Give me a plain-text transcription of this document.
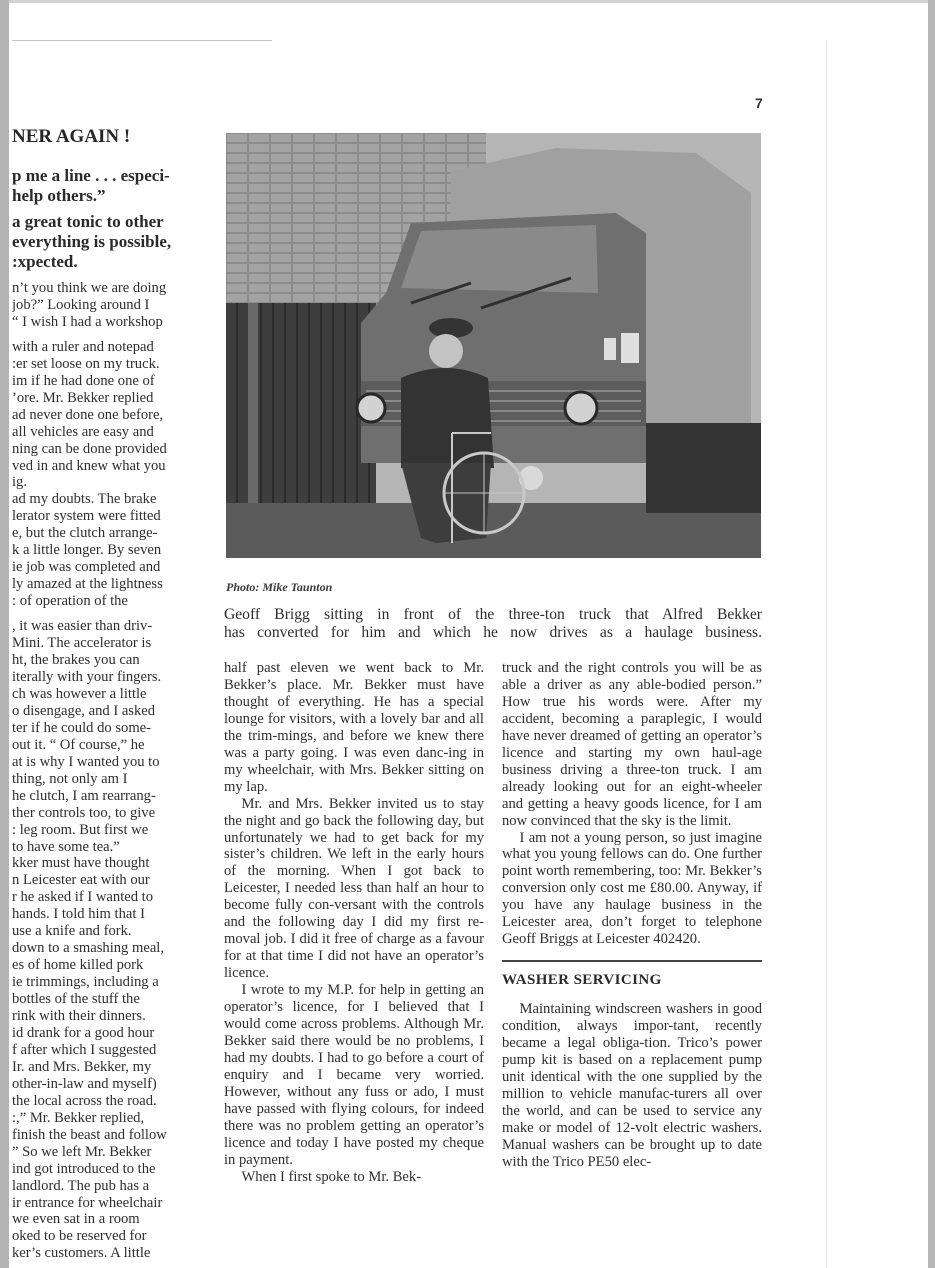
7
NER AGAIN !
p me a line . . . especi-
help others.”
a great tonic to other
everything is possible,
:xpected.
n’t you think we are doing
job?” Looking around I
“ I wish I had a workshop
with a ruler and notepad
:er set loose on my truck.
im if he had done one of
’ore. Mr. Bekker replied
ad never done one before,
all vehicles are easy and
ning can be done provided
ved in and knew what you
ig.
ad my doubts. The brake
lerator system were fitted
e, but the clutch arrange-
k a little longer. By seven
ie job was completed and
ly amazed at the lightness
: of operation of the
, it was easier than driv-
Mini. The accelerator is
ht, the brakes you can
iterally with your fingers.
ch was however a little
o disengage, and I asked
ter if he could do some-
out it. “ Of course,” he
at is why I wanted you to
thing, not only am I
he clutch, I am rearrang-
ther controls too, to give
: leg room. But first we
to have some tea.”
kker must have thought
n Leicester eat with our
r he asked if I wanted to
hands. I told him that I
use a knife and fork.
down to a smashing meal,
es of home killed pork
ie trimmings, including a
bottles of the stuff the
rink with their dinners.
id drank for a good hour
f after which I suggested
Ir. and Mrs. Bekker, my
other-in-law and myself)
the local across the road.
:,” Mr. Bekker replied,
finish the beast and follow
” So we left Mr. Bekker
ind got introduced to the
landlord. The pub has a
ir entrance for wheelchair
we even sat in a room
oked to be reserved for
ker’s customers. A little
Photo: Mike Taunton
Geoff Brigg sitting in front of the three-ton truck that Alfred Bekker
has converted for him and which he now drives as a haulage business.

half past eleven we went back to Mr. Bekker’s place. Mr. Bekker must have thought of everything. He has a special lounge for visitors, with a lovely bar and all the trim-mings, and before we knew there was a party going. I was even danc-ing in my wheelchair, with Mrs. Bekker sitting on my lap.

Mr. and Mrs. Bekker invited us to stay the night and go back the following day, but unfortunately we had to get back for my sister’s children. We left in the early hours of the morning. When I got back to Leicester, I needed less than half an hour to become fully con-versant with the controls and the following day I did my first re-moval job. I did it free of charge as a favour for at that time I did not have an operator’s licence.

I wrote to my M.P. for help in getting an operator’s licence, for I believed that I would come across problems. Although Mr. Bekker said there would be no problems, I had my doubts. I had to go before a court of enquiry and I became very worried. However, without any fuss or ado, I must have passed with flying colours, for indeed there was no problem getting an operator’s licence and today I have posted my cheque in payment.

When I first spoke to Mr. Bek-

truck and the right controls you will be as able a driver as any able-bodied person.” How true his words were. After my accident, becoming a paraplegic, I would have never dreamed of getting an operator’s licence and starting my own haul-age business driving a three-ton truck. I am already looking out for an eight-wheeler and getting a heavy goods licence, for I am now convinced that the sky is the limit.

I am not a young person, so just imagine what you young fellows can do. One further point worth remembering, too: Mr. Bekker’s conversion only cost me £80.00. Anyway, if you have any haulage business in the Leicester area, don’t forget to telephone Geoff Briggs at Leicester 402420.

WASHER SERVICING

Maintaining windscreen washers in good condition, always impor-tant, recently became a legal obliga-tion. Trico’s power pump kit is based on a replacement pump unit identical with the one supplied by the million to vehicle manufac-turers all over the world, and can be used to service any make or model of 12-volt electric washers. Manual washers can be brought up to date with the Trico PE50 elec-
